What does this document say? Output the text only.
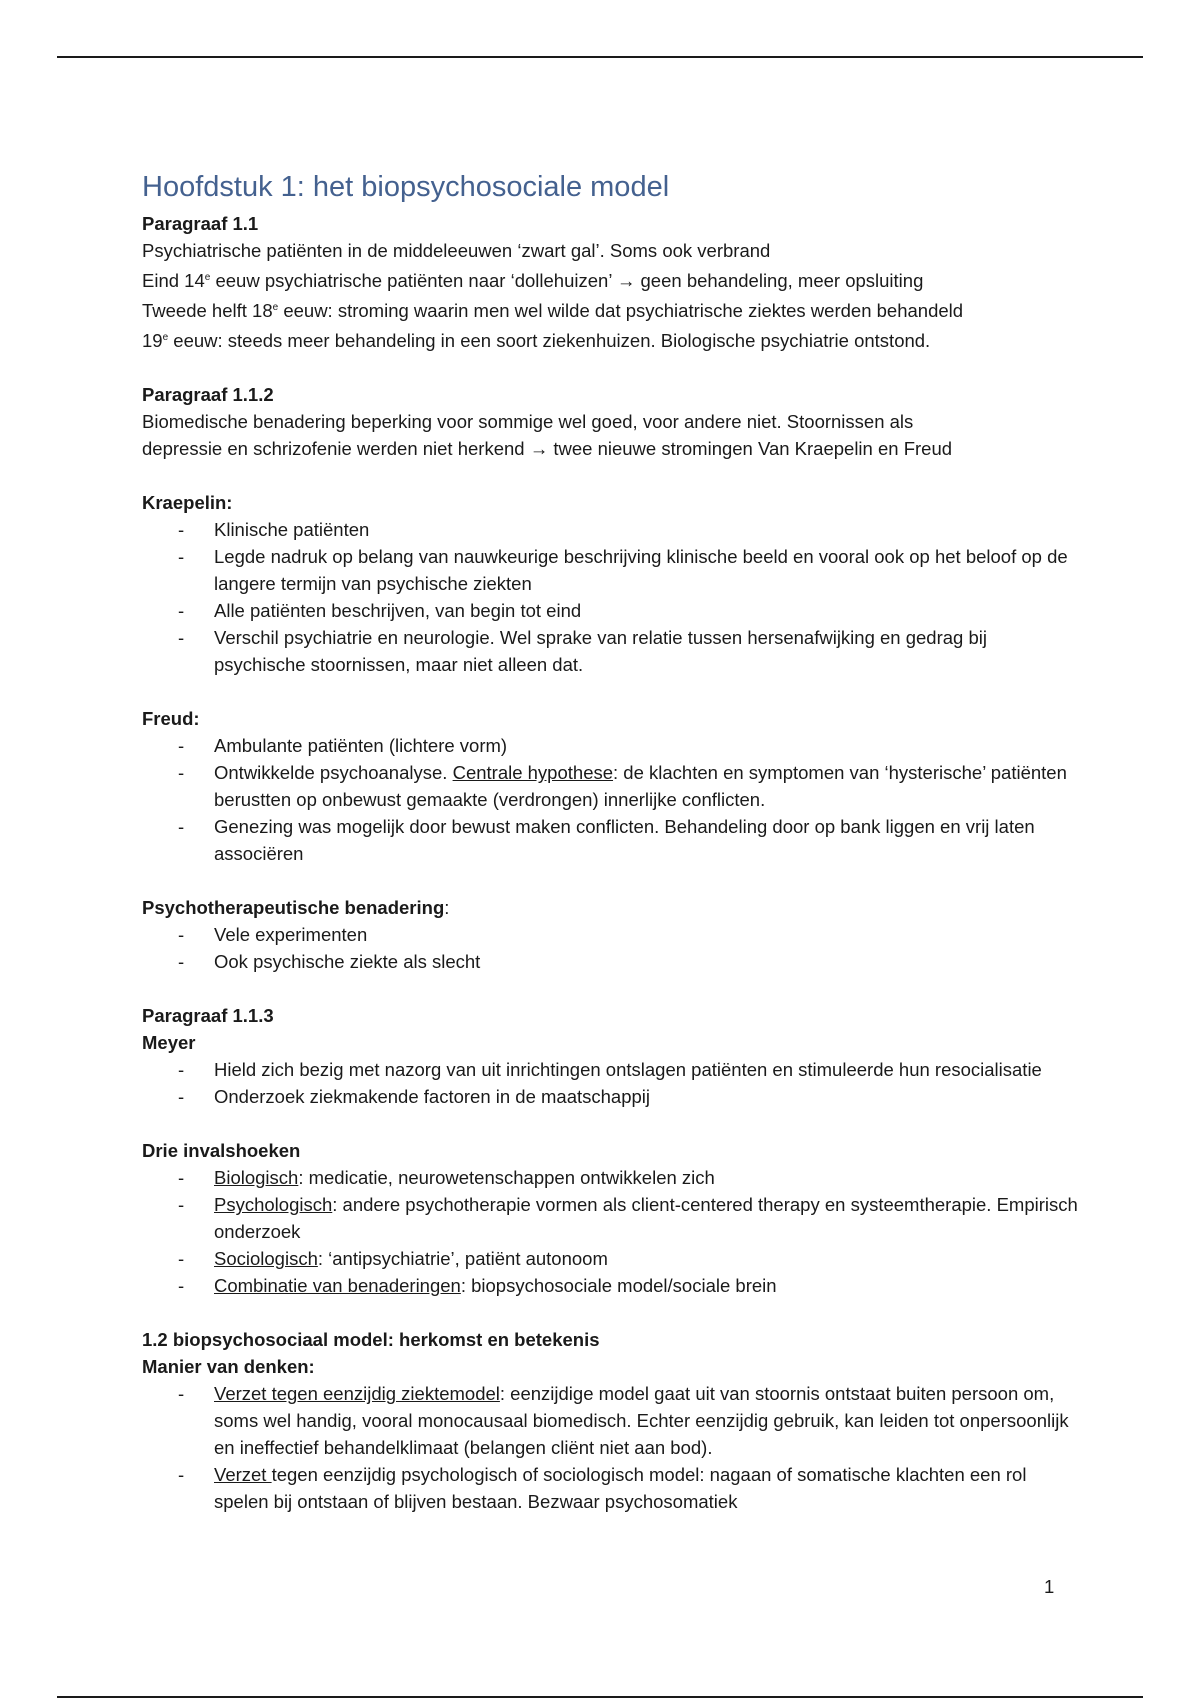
Hoofdstuk 1: het biopsychosociale model
Paragraaf 1.1
Psychiatrische patiënten in de middeleeuwen ‘zwart gal’. Soms ook verbrand
Eind 14e eeuw psychiatrische patiënten naar ‘dollehuizen’ → geen behandeling, meer opsluiting
Tweede helft 18e eeuw: stroming waarin men wel wilde dat psychiatrische ziektes werden behandeld
19e eeuw: steeds meer behandeling in een soort ziekenhuizen. Biologische psychiatrie ontstond.
Paragraaf 1.1.2
Biomedische benadering beperking voor sommige wel goed, voor andere niet. Stoornissen als
depressie en schrizofenie werden niet herkend → twee nieuwe stromingen Van Kraepelin en Freud
Kraepelin:
- Klinische patiënten
- Legde nadruk op belang van nauwkeurige beschrijving klinische beeld en vooral ook op het beloof op de langere termijn van psychische ziekten
- Alle patiënten beschrijven, van begin tot eind
- Verschil psychiatrie en neurologie. Wel sprake van relatie tussen hersenafwijking en gedrag bij psychische stoornissen, maar niet alleen dat.
Freud:
- Ambulante patiënten (lichtere vorm)
- Ontwikkelde psychoanalyse. Centrale hypothese: de klachten en symptomen van ‘hysterische’ patiënten berustten op onbewust gemaakte (verdrongen) innerlijke conflicten.
- Genezing was mogelijk door bewust maken conflicten. Behandeling door op bank liggen en vrij laten associëren
Psychotherapeutische benadering:
- Vele experimenten
- Ook psychische ziekte als slecht
Paragraaf 1.1.3
Meyer
- Hield zich bezig met nazorg van uit inrichtingen ontslagen patiënten en stimuleerde hun resocialisatie
- Onderzoek ziekmakende factoren in de maatschappij
Drie invalshoeken
- Biologisch: medicatie, neurowetenschappen ontwikkelen zich
- Psychologisch: andere psychotherapie vormen als client-centered therapy en systeemtherapie. Empirisch onderzoek
- Sociologisch: ‘antipsychiatrie’, patiënt autonoom
- Combinatie van benaderingen: biopsychosociale model/sociale brein
1.2 biopsychosociaal model: herkomst en betekenis
Manier van denken:
- Verzet tegen eenzijdig ziektemodel: eenzijdige model gaat uit van stoornis ontstaat buiten persoon om, soms wel handig, vooral monocausaal biomedisch. Echter eenzijdig gebruik, kan leiden tot onpersoonlijk en ineffectief behandelklimaat (belangen cliënt niet aan bod).
- Verzet tegen eenzijdig psychologisch of sociologisch model: nagaan of somatische klachten een rol spelen bij ontstaan of blijven bestaan. Bezwaar psychosomatiek
1
